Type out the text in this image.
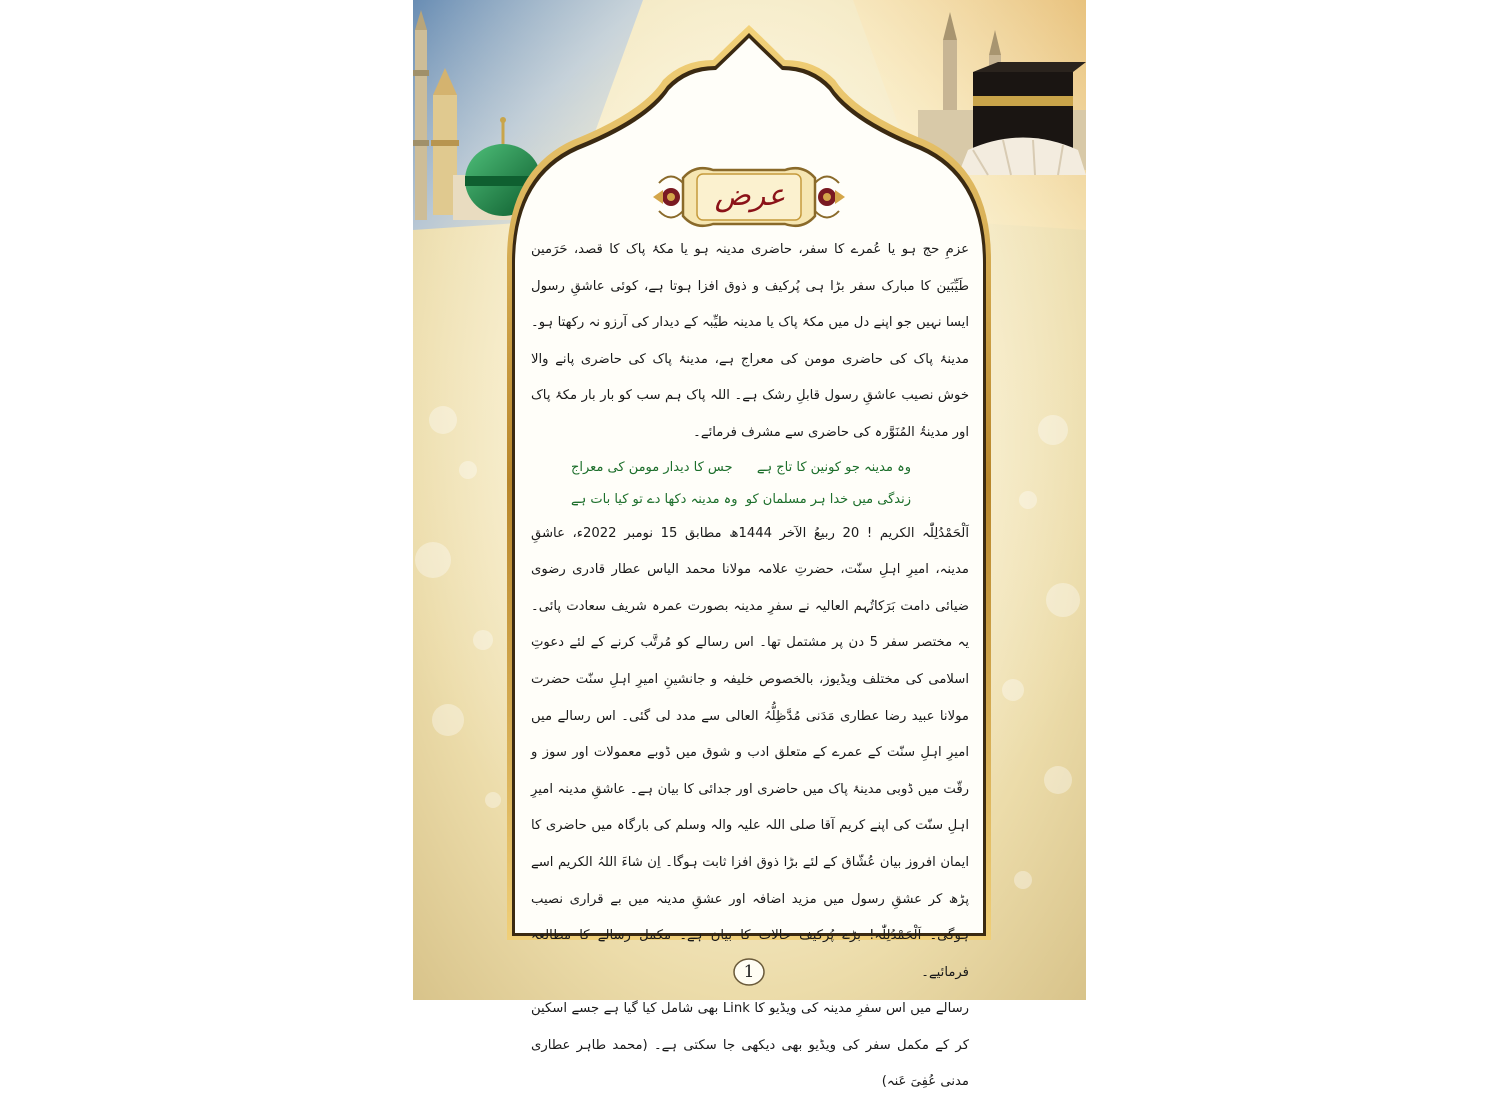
عرض

عزمِ حج ہو یا عُمرے کا سفر، حاضری مدینہ ہو یا مکۂ پاک کا قصد، حَرَمین طَیِّبَین کا مبارک سفر بڑا ہی پُرکیف و ذوق افزا ہوتا ہے، کوئی عاشقِ رسول ایسا نہیں جو اپنے دل میں مکۂ پاک یا مدینہ طیِّبہ کے دیدار کی آرزو نہ رکھتا ہو۔ مدینۂ پاک کی حاضری مومن کی معراج ہے، مدینۂ پاک کی حاضری پانے والا خوش نصیب عاشقِ رسول قابلِ رشک ہے۔ اللہ پاک ہم سب کو بار بار مکۂ پاک اور مدینۃُ المُنَوَّرہ کی حاضری سے مشرف فرمائے۔

وہ مدینہ جو کونین کا تاج ہے
جس کا دیدار مومن کی معراج
زندگی میں خدا ہر مسلمان کو
وہ مدینہ دکھا دے تو کیا بات ہے

اَلْحَمْدُلِلّٰہ الکریم ! 20 ربیعُ الآخر 1444ھ مطابق 15 نومبر 2022ء، عاشقِ مدینہ، امیرِ اہلِ سنّت، حضرتِ علامہ مولانا محمد الیاس عطار قادری رضوی ضیائی دامت بَرَکاتُہم العالیہ نے سفرِ مدینہ بصورت عمرہ شریف سعادت پائی۔ یہ مختصر سفر 5 دن پر مشتمل تھا۔ اس رسالے کو مُرتَّب کرنے کے لئے دعوتِ اسلامی کی مختلف ویڈیوز، بالخصوص خلیفہ و جانشینِ امیرِ اہلِ سنّت حضرت مولانا عبید رضا عطاری مَدَنی مُدَّظِلُّہُ العالی سے مدد لی گئی۔ اس رسالے میں امیرِ اہلِ سنّت کے عمرے کے متعلق ادب و شوق میں ڈوبے معمولات اور سوز و رقّت میں ڈوبی مدینۂ پاک میں حاضری اور جدائی کا بیان ہے۔ عاشقِ مدینہ امیرِ اہلِ سنّت کی اپنے کریم آقا صلی اللہ علیہ والہ وسلم کی بارگاہ میں حاضری کا ایمان افروز بیان عُشّاق کے لئے بڑا ذوق افزا ثابت ہوگا۔ اِن شاءَ اللہُ الکریم اسے پڑھ کر عشقِ رسول میں مزید اضافہ اور عشقِ مدینہ میں بے قراری نصیب ہوگی۔ اَلْحَمْدُلِلّٰہ! بڑے پُرکیف حالات کا بیان ہے۔ مکمل رسالے کا مطالعہ فرمائیے۔

رسالے میں اس سفرِ مدینہ کی ویڈیو کا Link بھی شامل کیا گیا ہے جسے اسکین کر کے مکمل سفر کی ویڈیو بھی دیکھی جا سکتی ہے۔ (محمد طاہر عطاری مدنی عُفِیَ عَنہ)

1
